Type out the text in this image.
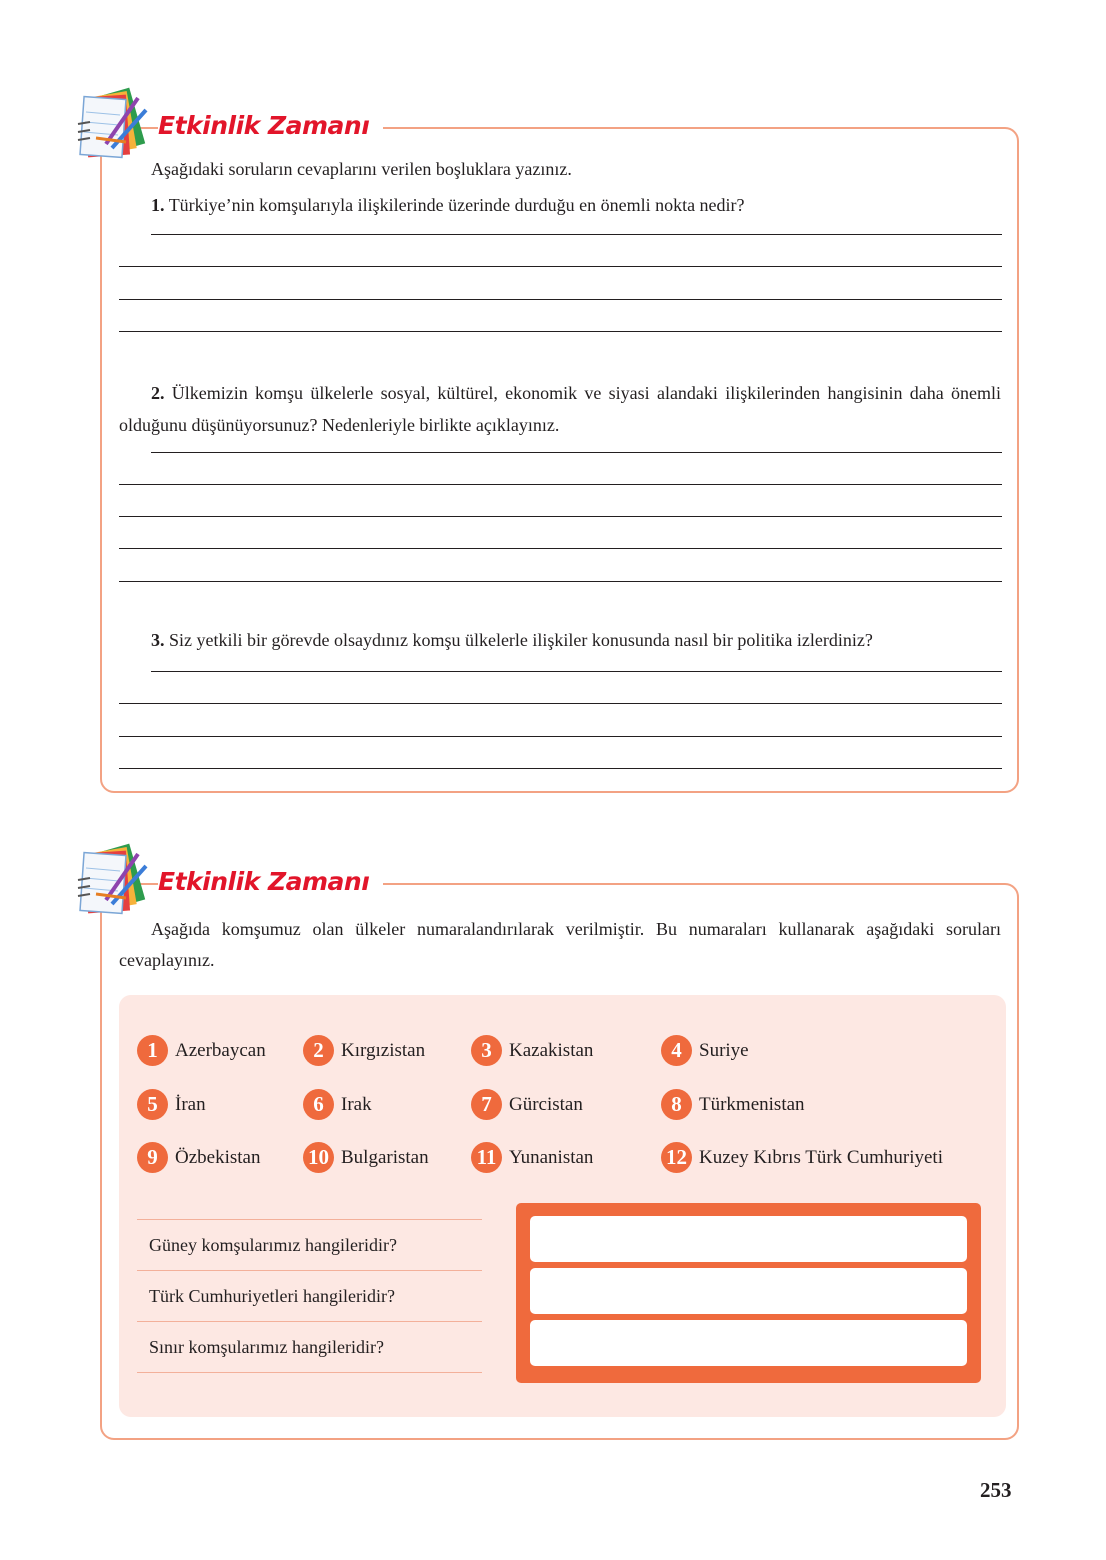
Etkinlik Zamanı
Aşağıdaki soruların cevaplarını verilen boşluklara yazınız.
1. Türkiye’nin komşularıyla ilişkilerinde üzerinde durduğu en önemli nokta nedir?
2. Ülkemizin komşu ülkelerle sosyal, kültürel, ekonomik ve siyasi alandaki ilişkilerinden hangisinin daha önemli olduğunu düşünüyorsunuz? Nedenleriyle birlikte açıklayınız.
3. Siz yetkili bir görevde olsaydınız komşu ülkelerle ilişkiler konusunda nasıl bir politika izlerdiniz?
Etkinlik Zamanı
Aşağıda komşumuz olan ülkeler numaralandırılarak verilmiştir. Bu numaraları kullanarak aşağıdaki soruları cevaplayınız.
1 Azerbaycan	2 Kırgızistan	3 Kazakistan	4 Suriye
5 İran	6 Irak	7 Gürcistan	8 Türkmenistan
9 Özbekistan 10 Bulgaristan 11 Yunanistan	12 Kuzey Kıbrıs Türk Cumhuriyeti
Güney komşularımız hangileridir?
Türk Cumhuriyetleri hangileridir?
Sınır komşularımız hangileridir?
253
